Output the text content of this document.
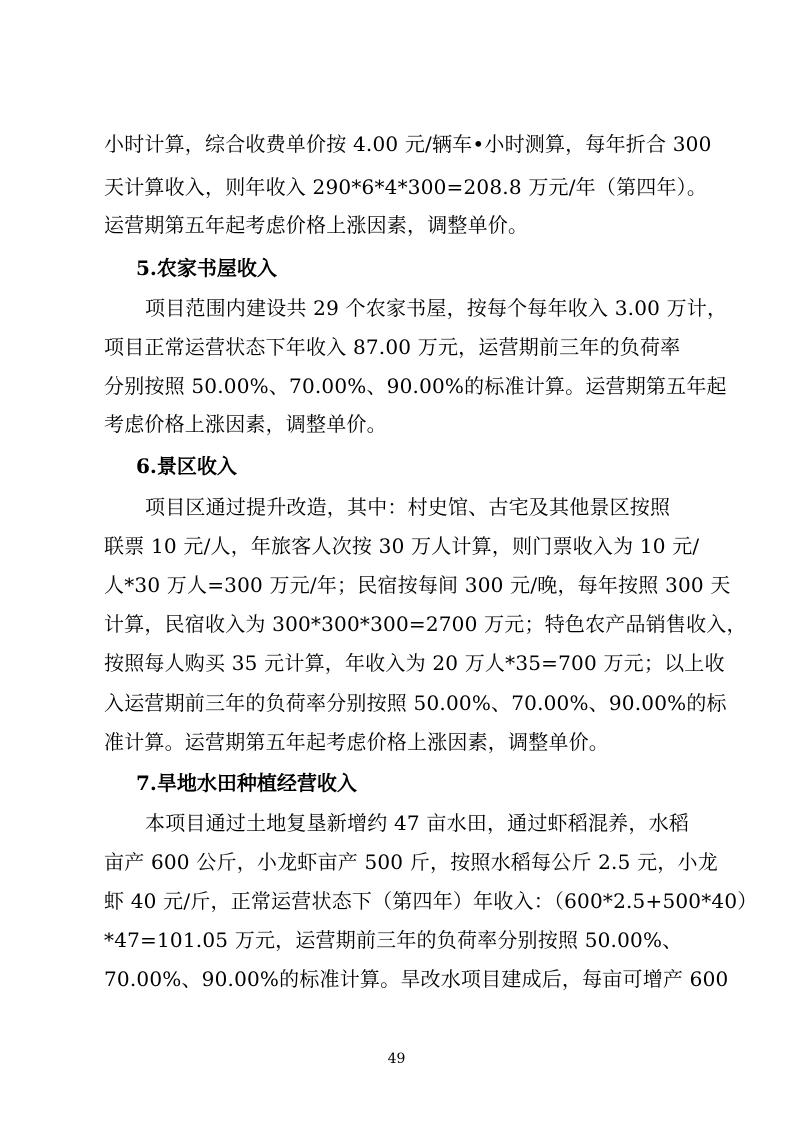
小时计算，综合收费单价按 4.00 元/辆车•小时测算，每年折合 300
天计算收入，则年收入 290*6*4*300=208.8 万元/年（第四年）。
运营期第五年起考虑价格上涨因素，调整单价。
5.农家书屋收入
项目范围内建设共 29 个农家书屋，按每个每年收入 3.00 万计，
项目正常运营状态下年收入 87.00 万元，运营期前三年的负荷率
分别按照 50.00%、70.00%、90.00%的标准计算。运营期第五年起
考虑价格上涨因素，调整单价。
6.景区收入
项目区通过提升改造，其中：村史馆、古宅及其他景区按照
联票 10 元/人，年旅客人次按 30 万人计算，则门票收入为 10 元/
人*30 万人=300 万元/年；民宿按每间 300 元/晚，每年按照 300 天
计算，民宿收入为 300*300*300=2700 万元；特色农产品销售收入，
按照每人购买 35 元计算，年收入为 20 万人*35=700 万元；以上收
入运营期前三年的负荷率分别按照 50.00%、70.00%、90.00%的标
准计算。运营期第五年起考虑价格上涨因素，调整单价。
7.旱地水田种植经营收入
本项目通过土地复垦新增约 47 亩水田，通过虾稻混养，水稻
亩产 600 公斤，小龙虾亩产 500 斤，按照水稻每公斤 2.5 元，小龙
虾 40 元/斤，正常运营状态下（第四年）年收入：（600*2.5+500*40）
*47=101.05 万元，运营期前三年的负荷率分别按照 50.00%、
70.00%、90.00%的标准计算。旱改水项目建成后，每亩可增产 600
49
